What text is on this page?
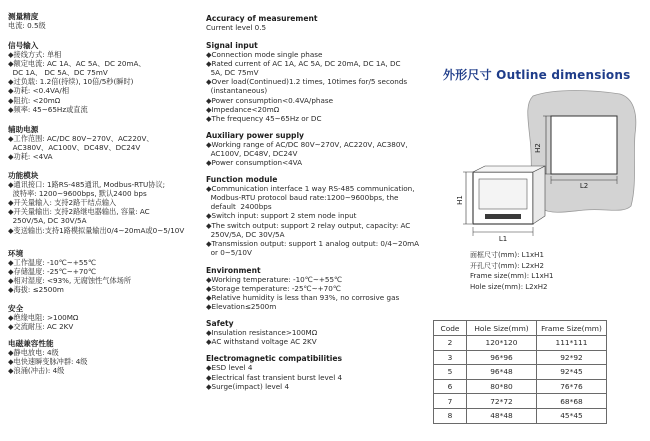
测量精度
电流: 0.5级
信号输入
◆接线方式: 单相
◆额定电流: AC 1A、AC 5A、DC 20mA、
DC 1A、 DC 5A、DC 75mV
◆过负载: 1.2倍(持续), 10倍/5秒(瞬时)
◆功耗: <0.4VA/相
◆阻抗: <20mΩ
◆频率: 45~65Hz或直流
辅助电源
◆工作范围: AC/DC 80V~270V、AC220V、
AC380V、AC100V、DC48V、DC24V
◆功耗: <4VA
功能模块
◆通讯接口: 1路RS-485通讯, Modbus-RTU协议;
波特率: 1200~9600bps, 默认2400 bps
◆开关量输入: 支持2路干结点输入
◆开关量输出: 支持2路继电器输出, 容量: AC
250V/5A, DC 30V/5A
◆变送输出:支持1路模拟量输出0/4~20mA或0~5/10V
环境
◆工作温度: -10℃~+55℃
◆存储温度: -25℃~+70℃
◆相对湿度: <93%, 无腐蚀性气体场所
◆海拔: ≤2500m
安全
◆绝缘电阻: >100MΩ
◆交流耐压: AC 2KV
电磁兼容性能
◆静电放电: 4级
◆电快速瞬变脉冲群: 4级
◆浪涌(冲击): 4级
Accuracy of measurement
Current level 0.5
Signal input
◆Connection mode single phase
◆Rated current of AC 1A, AC 5A, DC 20mA, DC 1A, DC
5A, DC 75mV
◆Over load(Continued)1.2 times, 10times for/5 seconds
(instantaneous)
◆Power consumption<0.4VA/phase
◆Impedance<20mΩ
◆The frequency 45~65Hz or DC
Auxiliary power supply
◆Working range of AC/DC 80V~270V, AC220V, AC380V,
AC100V, DC48V, DC24V
◆Power consumption<4VA
Function module
◆Communication interface 1 way RS-485 communication,
Modbus-RTU protocol baud rate:1200~9600bps, the
default  2400bps
◆Switch input: support 2 stem node input
◆The switch output: support 2 relay output, capacity: AC
250V/5A, DC 30V/5A
◆Transmission output: support 1 analog output: 0/4~20mA
or 0~5/10V
Environment
◆Working temperature: -10℃~+55℃
◆Storage temperature: -25℃~+70℃
◆Relative humidity is less than 93%, no corrosive gas
◆Elevation≤2500m
Safety
◆Insulation resistance>100MΩ
◆AC withstand voltage AC 2KV
Electromagnetic compatibilities
◆ESD level 4
◆Electrical fast transient burst level 4
◆Surge(impact) level 4
外形尺寸 Outline dimensions
H2
L2
H1
L1
面框尺寸(mm): L1xH1
开孔尺寸(mm): L2xH2
Frame size(mm): L1xH1
Hole size(mm): L2xH2
Code	Hole Size(mm)	Frame Size(mm)
2	120*120	111*111
3	96*96	92*92
5	96*48	92*45
6	80*80	76*76
7	72*72	68*68
8	48*48	45*45
